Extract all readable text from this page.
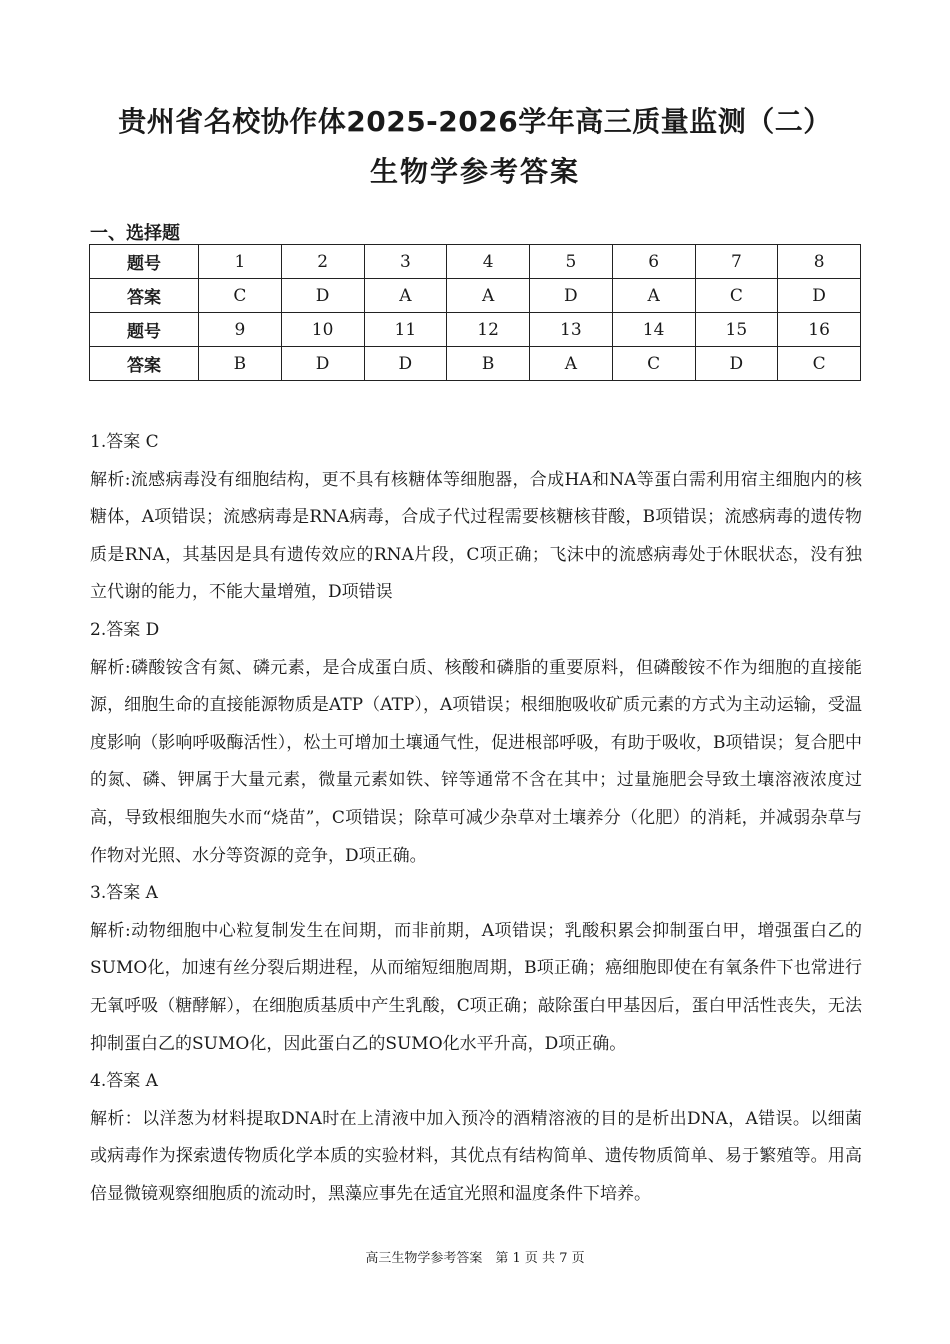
贵州省名校协作体2025-2026学年高三质量监测（二）
生物学参考答案
一、选择题
题号	1	2	3	4	5	6	7	8
答案	C	D	A	A	D	A	C	D
题号	9	10	11	12	13	14	15	16
答案	B	D	D	B	A	C	D	C

1.答案 C

解析:流感病毒没有细胞结构，更不具有核糖体等细胞器，合成HA和NA等蛋白需利用宿主细胞内的核糖体，A项错误；流感病毒是RNA病毒，合成子代过程需要核糖核苷酸，B项错误；流感病毒的遗传物质是RNA，其基因是具有遗传效应的RNA片段，C项正确；飞沫中的流感病毒处于休眠状态，没有独立代谢的能力，不能大量增殖，D项错误

2.答案 D

解析:磷酸铵含有氮、磷元素，是合成蛋白质、核酸和磷脂的重要原料，但磷酸铵不作为细胞的直接能源，细胞生命的直接能源物质是ATP（ATP），A项错误；根细胞吸收矿质元素的方式为主动运输，受温度影响（影响呼吸酶活性），松土可增加土壤通气性，促进根部呼吸，有助于吸收，B项错误；复合肥中的氮、磷、钾属于大量元素，微量元素如铁、锌等通常不含在其中；过量施肥会导致土壤溶液浓度过高，导致根细胞失水而“烧苗”，C项错误；除草可减少杂草对土壤养分（化肥）的消耗，并减弱杂草与作物对光照、水分等资源的竞争，D项正确。

3.答案 A

解析:动物细胞中心粒复制发生在间期，而非前期，A项错误；乳酸积累会抑制蛋白甲，增强蛋白乙的SUMO化，加速有丝分裂后期进程，从而缩短细胞周期，B项正确；癌细胞即使在有氧条件下也常进行无氧呼吸（糖酵解），在细胞质基质中产生乳酸，C项正确；敲除蛋白甲基因后，蛋白甲活性丧失，无法抑制蛋白乙的SUMO化，因此蛋白乙的SUMO化水平升高，D项正确。

4.答案 A

解析：以洋葱为材料提取DNA时在上清液中加入预冷的酒精溶液的目的是析出DNA，A错误。以细菌或病毒作为探索遗传物质化学本质的实验材料，其优点有结构简单、遗传物质简单、易于繁殖等。用高倍显微镜观察细胞质的流动时，黑藻应事先在适宜光照和温度条件下培养。

高三生物学参考答案　第 1 页 共 7 页
